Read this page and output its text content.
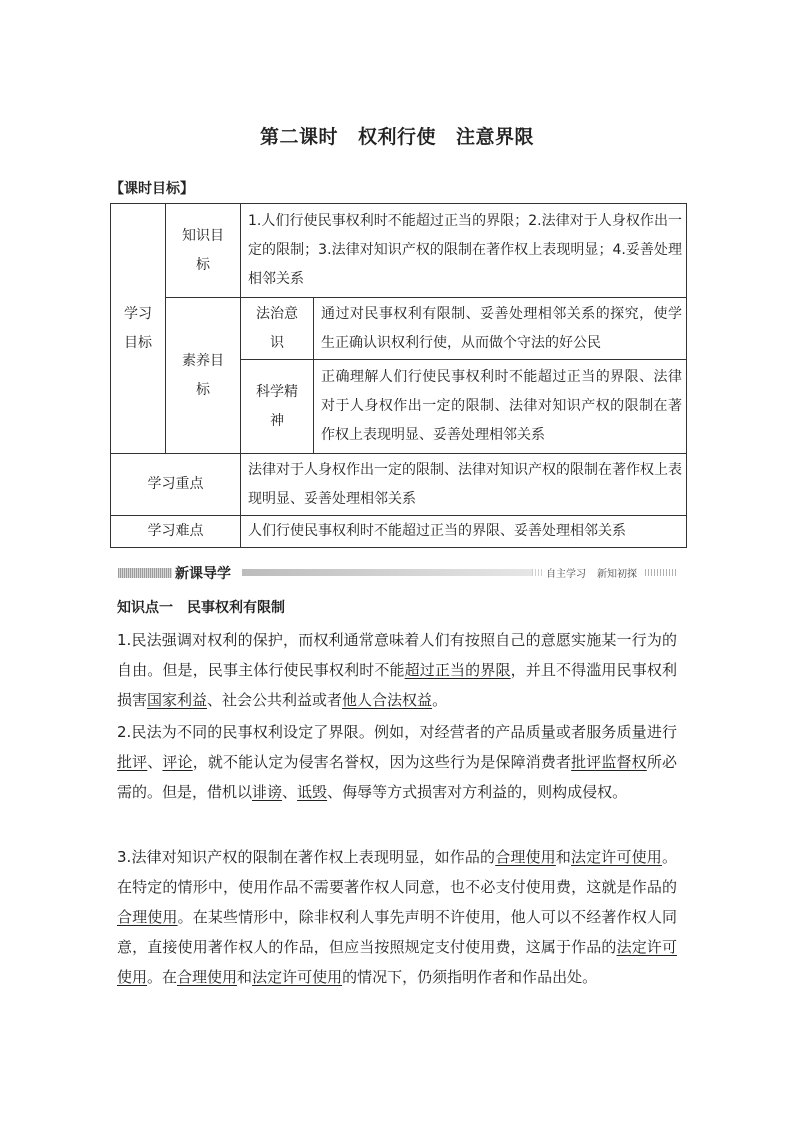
第二课时 权利行使 注意界限
【课时目标】
学习目标	知识目标	1.人们行使民事权利时不能超过正当的界限；2.法律对于人身权作出一定的限制；3.法律对知识产权的限制在著作权上表现明显；4.妥善处理相邻关系	

	素养目标	法治意识	通过对民事权利有限制、妥善处理相邻关系的探究，使学生正确认识权利行使，从而做个守法的好公民

		科学精神	正确理解人们行使民事权利时不能超过正当的界限、法律对于人身权作出一定的限制、法律对知识产权的限制在著作权上表现明显、妥善处理相邻关系
学习重点		法律对于人身权作出一定的限制、法律对知识产权的限制在著作权上表现明显、妥善处理相邻关系	
学习难点		人们行使民事权利时不能超过正当的界限、妥善处理相邻关系	
新课导学	自主学习 新知初探
知识点一 民事权利有限制
1.民法强调对权利的保护，而权利通常意味着人们有按照自己的意愿实施某一行为的自由。但是，民事主体行使民事权利时不能超过正当的界限，并且不得滥用民事权利损害国家利益、社会公共利益或者他人合法权益。
2.民法为不同的民事权利设定了界限。例如，对经营者的产品质量或者服务质量进行批评、评论，就不能认定为侵害名誉权，因为这些行为是保障消费者批评监督权所必需的。但是，借机以诽谤、诋毁、侮辱等方式损害对方利益的，则构成侵权。
3.法律对知识产权的限制在著作权上表现明显，如作品的合理使用和法定许可使用。在特定的情形中，使用作品不需要著作权人同意，也不必支付使用费，这就是作品的合理使用。在某些情形中，除非权利人事先声明不许使用，他人可以不经著作权人同意，直接使用著作权人的作品，但应当按照规定支付使用费，这属于作品的法定许可使用。在合理使用和法定许可使用的情况下，仍须指明作者和作品出处。
